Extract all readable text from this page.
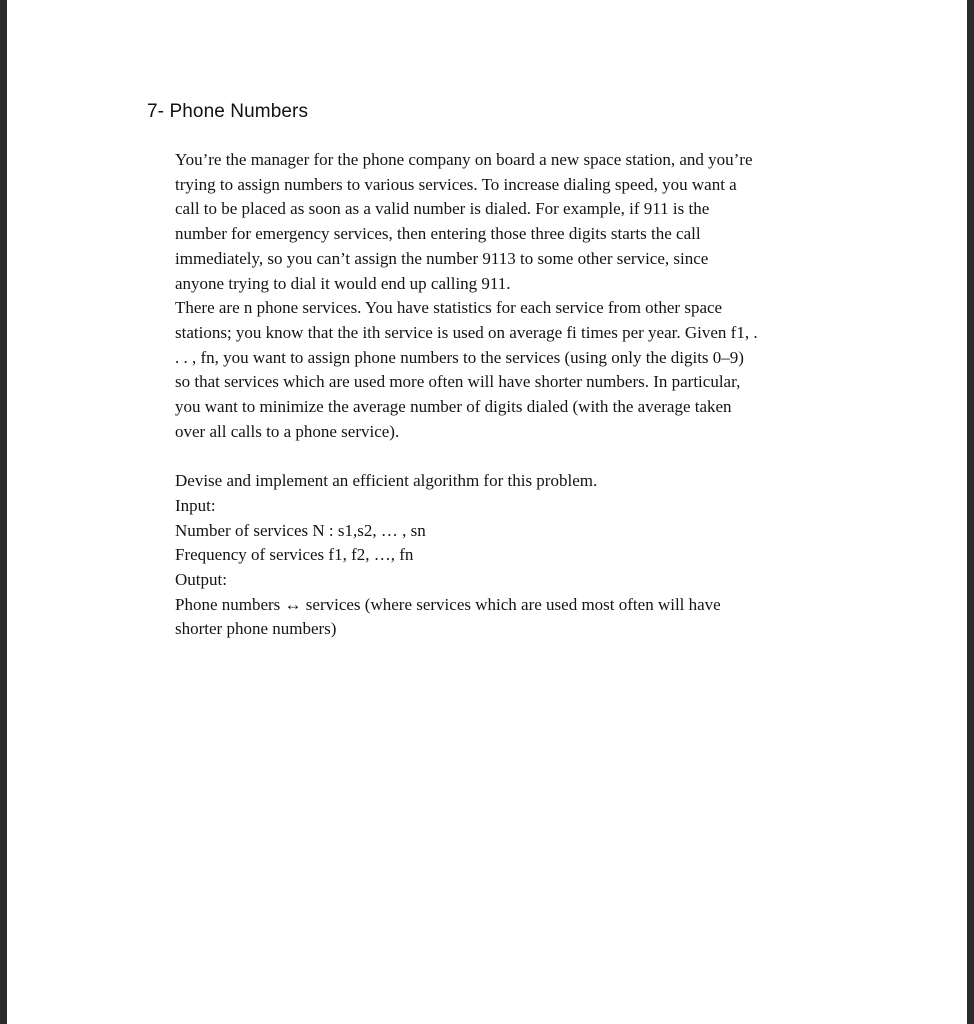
7- Phone Numbers
You’re the manager for the phone company on board a new space station, and you’re
trying to assign numbers to various services. To increase dialing speed, you want a
call to be placed as soon as a valid number is dialed. For example, if 911 is the
number for emergency services, then entering those three digits starts the call
immediately, so you can’t assign the number 9113 to some other service, since
anyone trying to dial it would end up calling 911.
There are n phone services. You have statistics for each service from other space
stations; you know that the ith service is used on average fi times per year. Given f1, .
. . , fn, you want to assign phone numbers to the services (using only the digits 0–9)
so that services which are used more often will have shorter numbers. In particular,
you want to minimize the average number of digits dialed (with the average taken
over all calls to a phone service).
Devise and implement an efficient algorithm for this problem.
Input:
Number of services N : s1,s2, … , sn
Frequency of services f1, f2, …, fn
Output:
Phone numbers ↔ services (where services which are used most often will have
shorter phone numbers)
